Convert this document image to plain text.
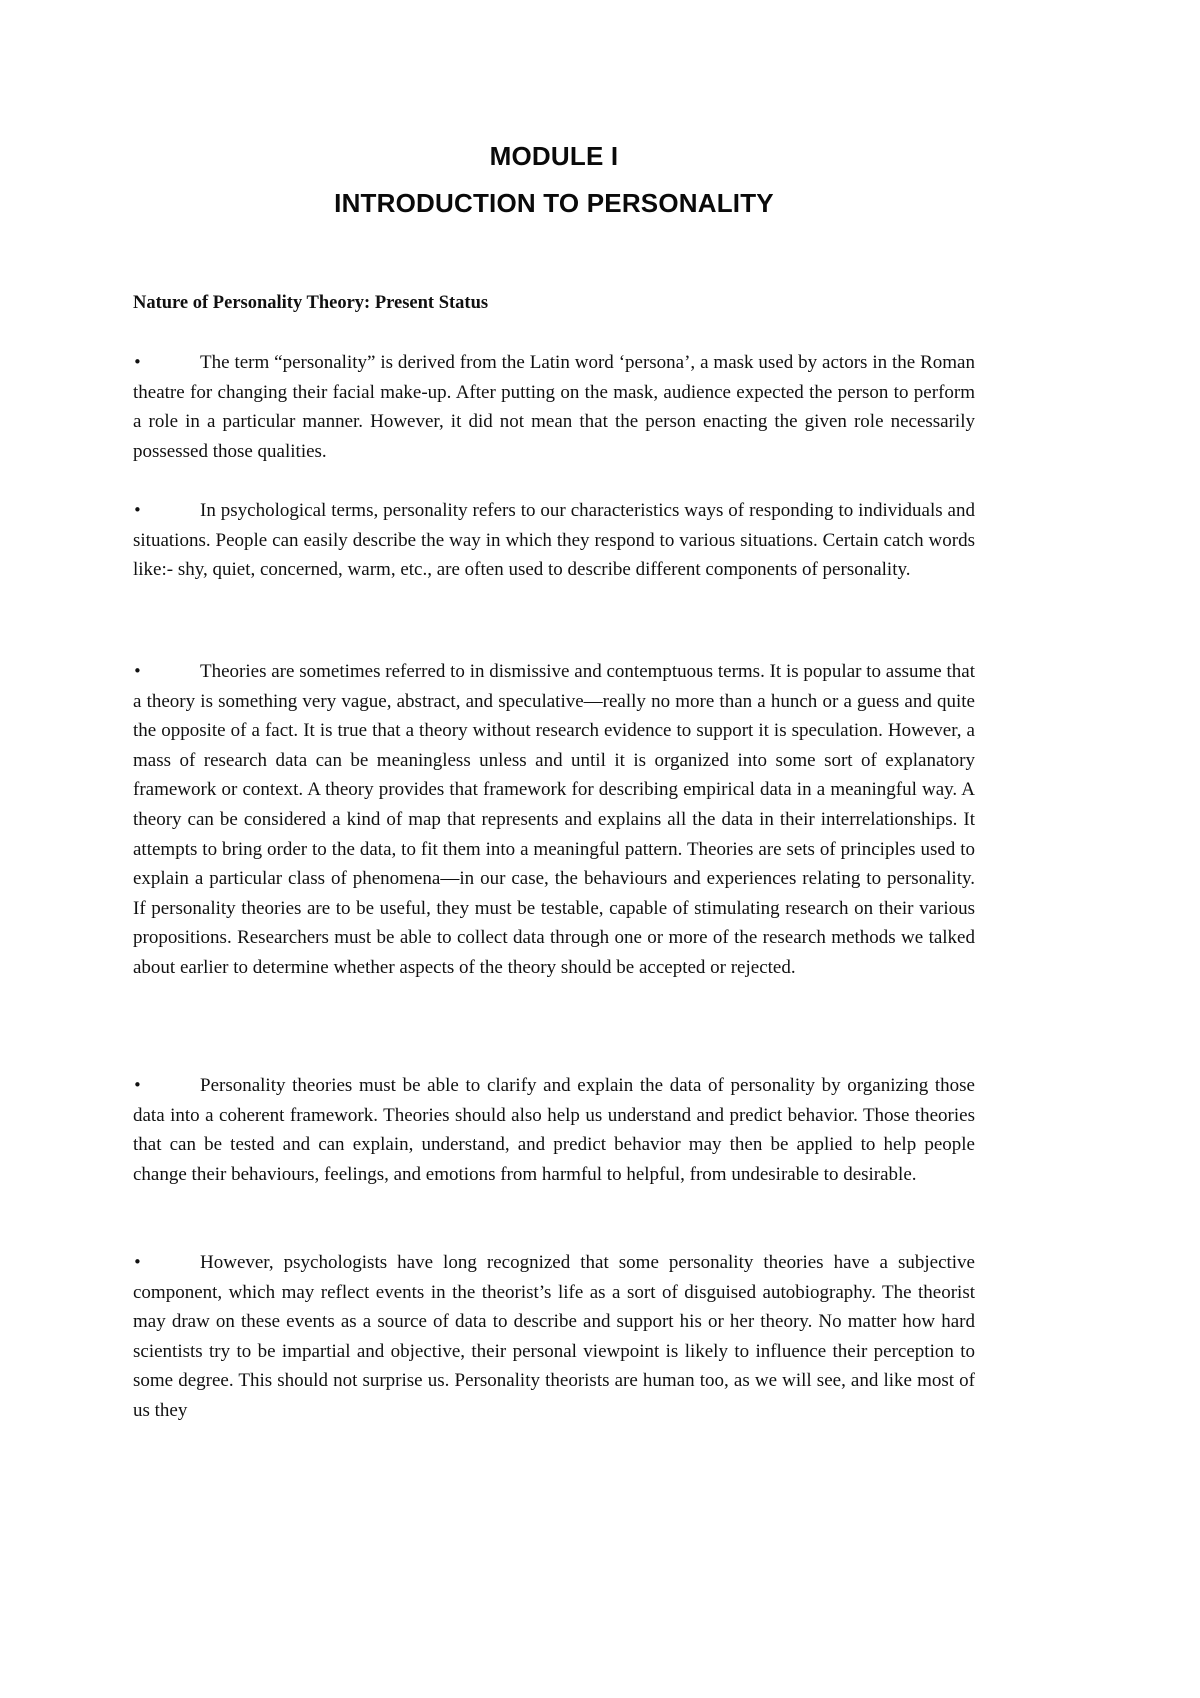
MODULE I
INTRODUCTION TO PERSONALITY
Nature of Personality Theory: Present Status
•	The term “personality” is derived from the Latin word ‘persona’, a mask used by actors in the Roman theatre for changing their facial make-up. After putting on the mask, audience expected the person to perform a role in a particular manner. However, it did not mean that the person enacting the given role necessarily possessed those qualities.
•	In psychological terms, personality refers to our characteristics ways of responding to individuals and situations. People can easily describe the way in which they respond to various situations. Certain catch words like:- shy, quiet, concerned, warm, etc., are often used to describe different components of personality.
•	Theories are sometimes referred to in dismissive and contemptuous terms. It is popular to assume that a theory is something very vague, abstract, and speculative—really no more than a hunch or a guess and quite the opposite of a fact. It is true that a theory without research evidence to support it is speculation. However, a mass of research data can be meaningless unless and until it is organized into some sort of explanatory framework or context. A theory provides that framework for describing empirical data in a meaningful way. A theory can be considered a kind of map that represents and explains all the data in their interrelationships. It attempts to bring order to the data, to fit them into a meaningful pattern. Theories are sets of principles used to explain a particular class of phenomena—in our case, the behaviours and experiences relating to personality. If personality theories are to be useful, they must be testable, capable of stimulating research on their various propositions. Researchers must be able to collect data through one or more of the research methods we talked about earlier to determine whether aspects of the theory should be accepted or rejected.
•	Personality theories must be able to clarify and explain the data of personality by organizing those data into a coherent framework. Theories should also help us understand and predict behavior. Those theories that can be tested and can explain, understand, and predict behavior may then be applied to help people change their behaviours, feelings, and emotions from harmful to helpful, from undesirable to desirable.
•	However, psychologists have long recognized that some personality theories have a subjective component, which may reflect events in the theorist’s life as a sort of disguised autobiography. The theorist may draw on these events as a source of data to describe and support his or her theory. No matter how hard scientists try to be impartial and objective, their personal viewpoint is likely to influence their perception to some degree. This should not surprise us. Personality theorists are human too, as we will see, and like most of us they
